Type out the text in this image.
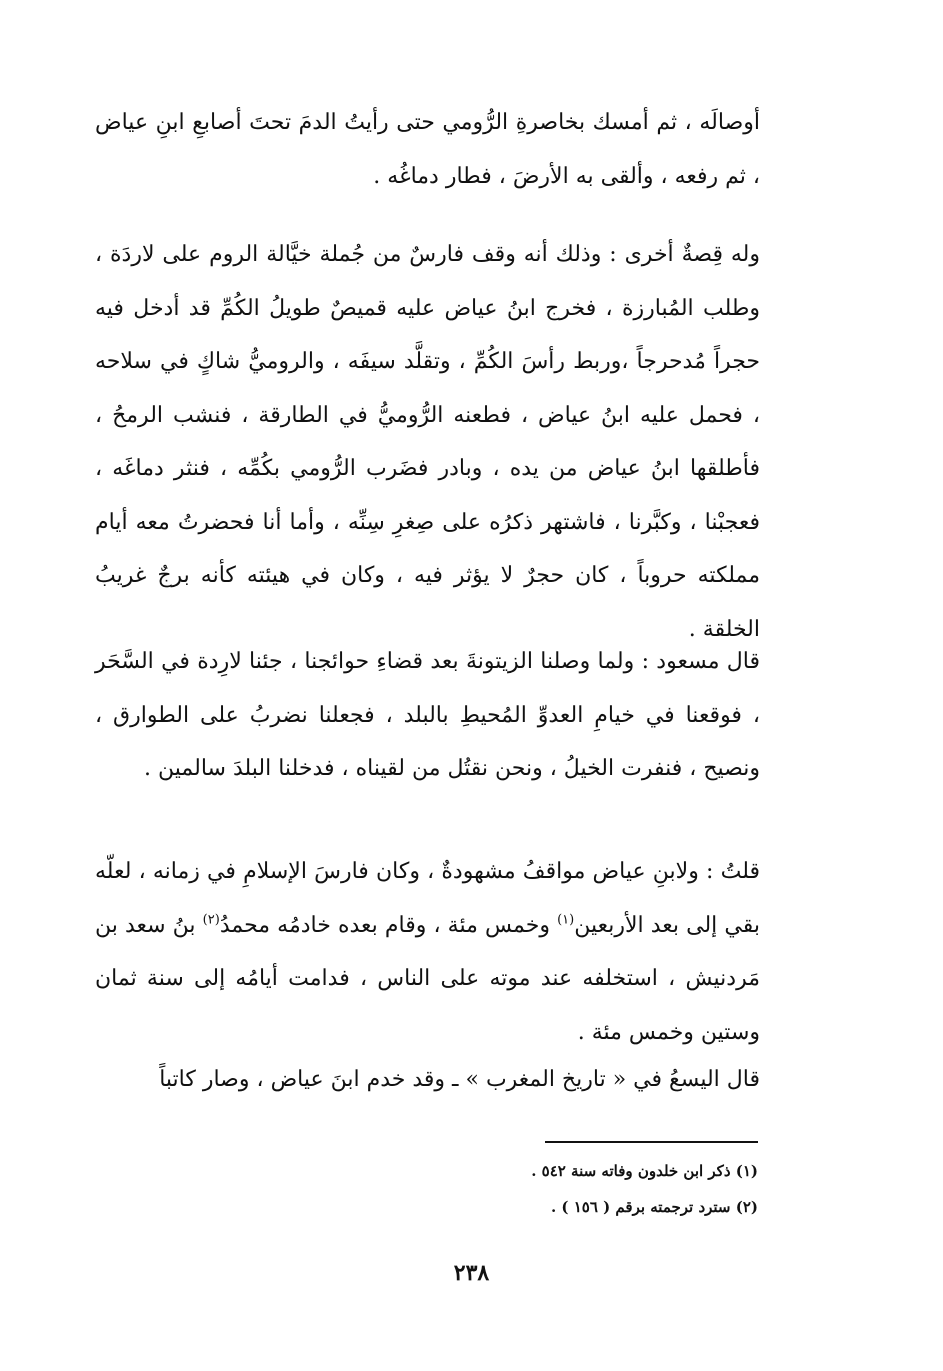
أوصالَه ، ثم أمسك بخاصرةِ الرُّومي حتى رأيتُ الدمَ تحتَ أصابعِ ابنِ عياض ، ثم رفعه ، وألقى به الأرضَ ، فطار دماغُه .

وله قِصةٌ أخرى : وذلك أنه وقف فارسٌ من جُملة خيَّالة الروم على لاردَة ، وطلب المُبارزة ، فخرج ابنُ عياض عليه قميصٌ طويلُ الكُمِّ قد أدخل فيه حجراً مُدحرجاً ،وربط رأسَ الكُمِّ ، وتقلَّد سيفَه ، والروميُّ شاكٍ في سلاحه ، فحمل عليه ابنُ عياض ، فطعنه الرُّوميُّ في الطارقة ، فنشب الرمحُ ، فأطلقها ابنُ عياض من يده ، وبادر فضَرب الرُّومي بكُمِّه ، فنثر دماغَه ، فعجبْنا ، وكبَّرنا ، فاشتهر ذكرُه على صِغرِ سِنِّه ، وأما أنا فحضرتُ معه أيام مملكته حروباً ، كان حجرٌ لا يؤثر فيه ، وكان في هيئته كأنه برجٌ غريبُ الخلقة .

قال مسعود : ولما وصلنا الزيتونةَ بعد قضاءِ حوائجنا ، جئنا لارِدة في السَّحَر ، فوقعنا في خيامِ العدوِّ المُحيطِ بالبلد ، فجعلنا نضربُ على الطوارق ، ونصيح ، فنفرت الخيلُ ، ونحن نقتُل من لقيناه ، فدخلنا البلدَ سالمين .

قلتُ : ولابنِ عياض مواقفُ مشهودةٌ ، وكان فارسَ الإسلامِ في زمانه ، لعلّه بقي إلى بعد الأربعين$^{(١)}$ وخمس مئة ، وقام بعده خادمُه محمدُ$^{(٢)}$ بنُ سعد بن مَردنيش ، استخلفه عند موته على الناس ، فدامت أيامُه إلى سنة ثمان وستين وخمس مئة .

قال اليسعُ في « تاريخ المغرب » ـ وقد خدم ابنَ عياض ، وصار كاتباً

(١) ذكر ابن خلدون وفاته سنة ٥٤٢ .

(٢) سترد ترجمته برقم ( ١٥٦ ) .

٢٣٨
